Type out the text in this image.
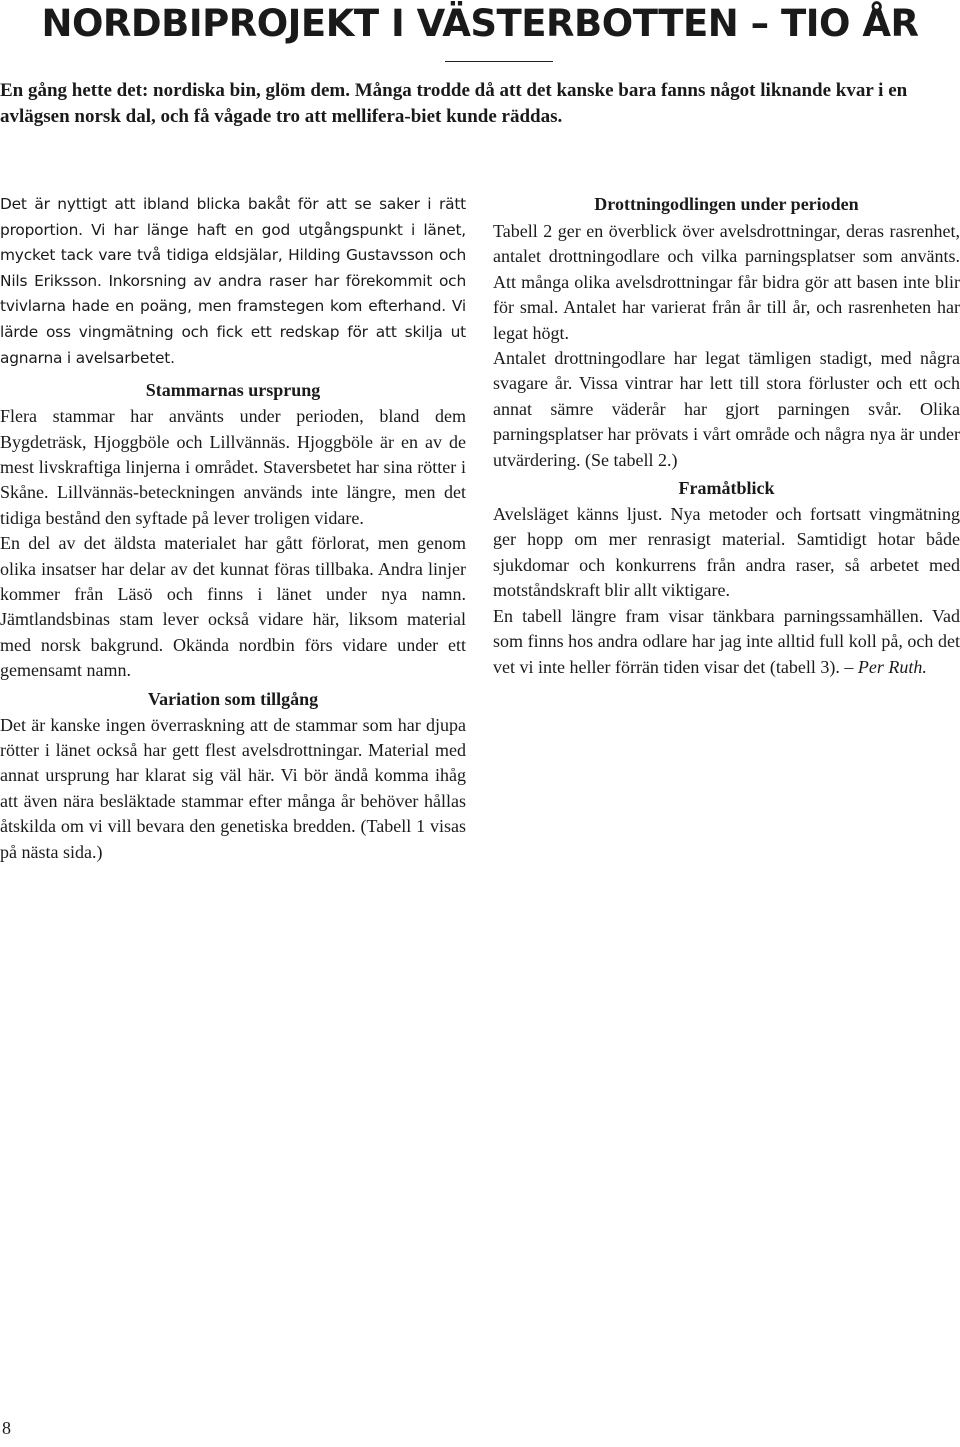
NORDBIPROJEKT I VÄSTERBOTTEN – TIO ÅR

En gång hette det: nordiska bin, glöm dem. Många trodde då att det kanske bara fanns något liknande kvar i en avlägsen norsk dal, och få vågade tro att mellifera-biet kunde räddas.

Det är nyttigt att ibland blicka bakåt för att se saker i rätt proportion. Vi har länge haft en god utgångspunkt i länet, mycket tack vare två tidiga eldsjälar, Hilding Gustavsson och Nils Eriksson. Inkorsning av andra raser har förekommit och tvivlarna hade en poäng, men framstegen kom efterhand. Vi lärde oss vingmätning och fick ett redskap för att skilja ut agnarna i avelsarbetet.

Stammarnas ursprung

Flera stammar har använts under perioden, bland dem Bygdeträsk, Hjoggböle och Lillvännäs. Hjoggböle är en av de mest livskraftiga linjerna i området. Staversbetet har sina rötter i Skåne. Lillvännäs-beteckningen används inte längre, men det tidiga bestånd den syftade på lever troligen vidare.

En del av det äldsta materialet har gått förlorat, men genom olika insatser har delar av det kunnat föras tillbaka. Andra linjer kommer från Läsö och finns i länet under nya namn. Jämtlandsbinas stam lever också vidare här, liksom material med norsk bakgrund. Okända nordbin förs vidare under ett gemensamt namn.

Variation som tillgång

Det är kanske ingen överraskning att de stammar som har djupa rötter i länet också har gett flest avelsdrottningar. Material med annat ursprung har klarat sig väl här. Vi bör ändå komma ihåg att även nära besläktade stammar efter många år behöver hållas åtskilda om vi vill bevara den genetiska bredden. (Tabell 1 visas på nästa sida.)

Drottningodlingen under perioden

Tabell 2 ger en överblick över avelsdrottningar, deras rasrenhet, antalet drottningodlare och vilka parningsplatser som använts. Att många olika avelsdrottningar får bidra gör att basen inte blir för smal. Antalet har varierat från år till år, och rasrenheten har legat högt.

Antalet drottningodlare har legat tämligen stadigt, med några svagare år. Vissa vintrar har lett till stora förluster och ett och annat sämre väderår har gjort parningen svår. Olika parningsplatser har prövats i vårt område och några nya är under utvärdering. (Se tabell 2.)

Framåtblick

Avelsläget känns ljust. Nya metoder och fortsatt vingmätning ger hopp om mer renrasigt material. Samtidigt hotar både sjukdomar och konkurrens från andra raser, så arbetet med motståndskraft blir allt viktigare.

En tabell längre fram visar tänkbara parningssamhällen. Vad som finns hos andra odlare har jag inte alltid full koll på, och det vet vi inte heller förrän tiden visar det (tabell 3). – Per Ruth.

8
